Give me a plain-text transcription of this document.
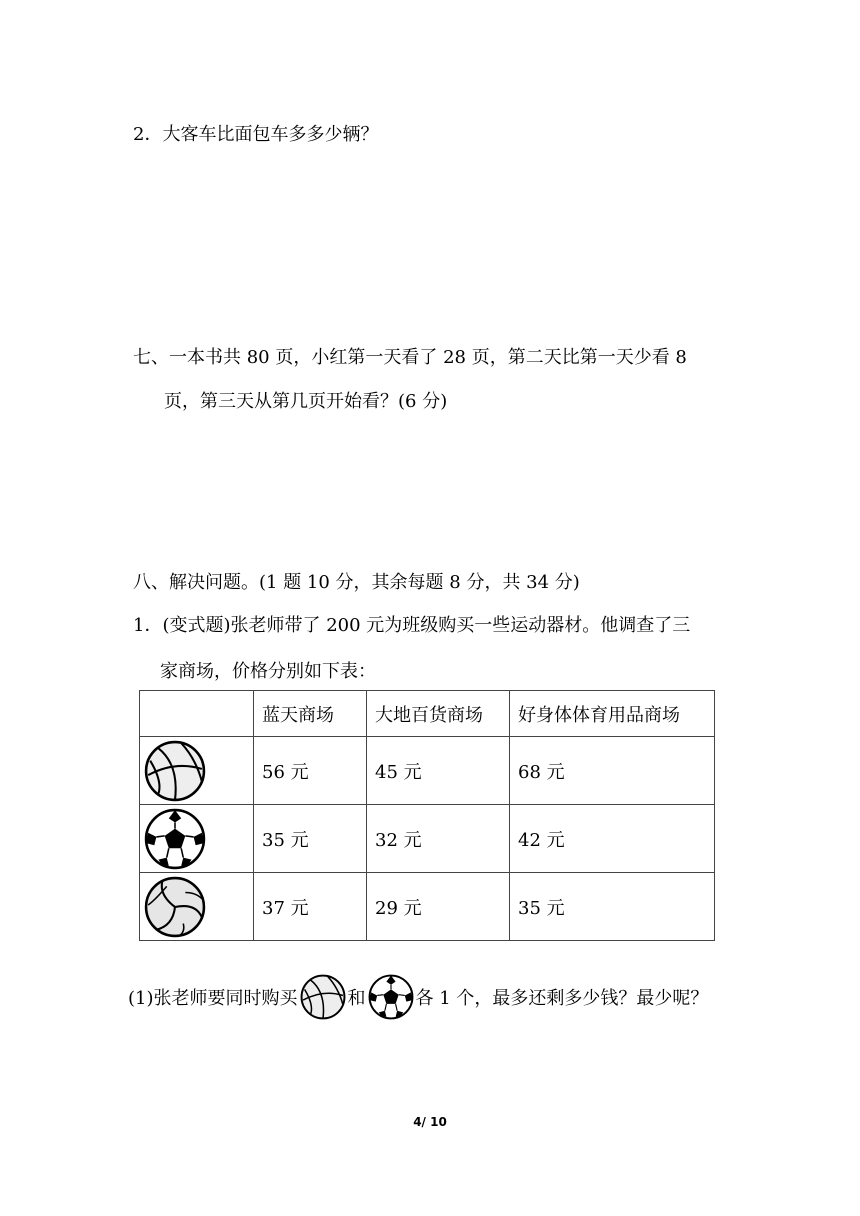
2．大客车比面包车多多少辆？
七、一本书共 80 页，小红第一天看了 28 页，第二天比第一天少看 8
页，第三天从第几页开始看？(6 分)
八、解决问题。(1 题 10 分，其余每题 8 分，共 34 分)
1．(变式题)张老师带了 200 元为班级购买一些运动器材。他调查了三
家商场，价格分别如下表：
	蓝天商场	大地百货商场	好身体体育用品商场

	56 元	45 元	68 元

	35 元	32 元	42 元

	37 元	29 元	35 元
(1)张老师要同时购买	和	各 1 个，最多还剩多少钱？最少呢？
4/ 10
